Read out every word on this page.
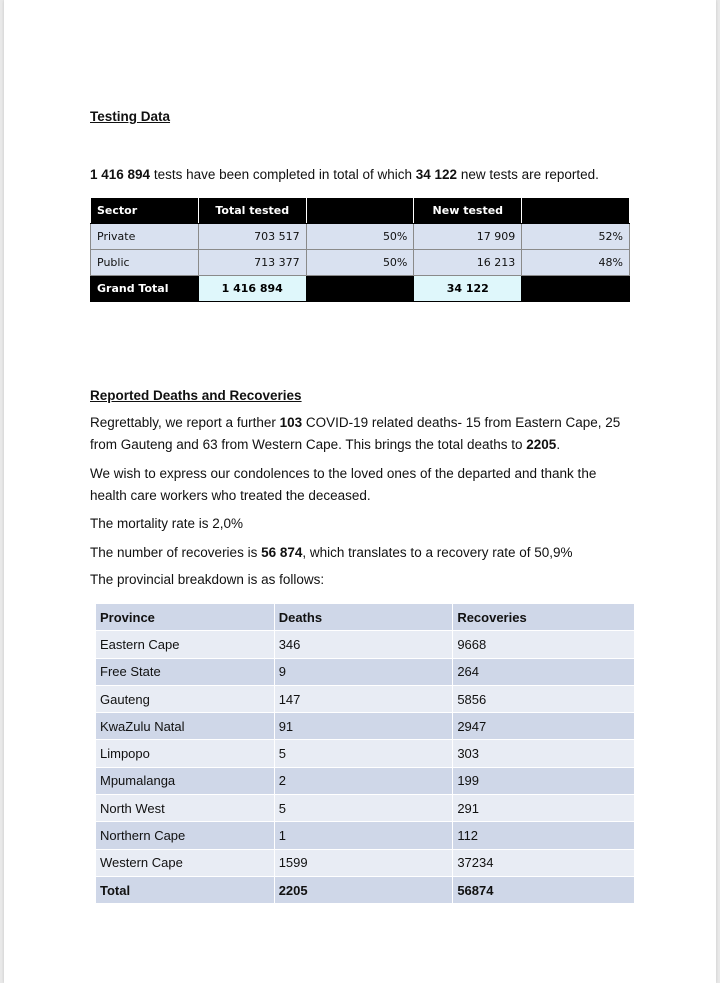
Testing Data
1 416 894 tests have been completed in total of which 34 122 new tests are reported.
Sector	Total tested		New tested	
Private	703 517	50%	17 909	52%
Public	713 377	50%	16 213	48%
Grand Total	1 416 894		34 122	
Reported Deaths and Recoveries
Regrettably, we report a further 103 COVID-19 related deaths- 15 from Eastern Cape, 25 from Gauteng and 63 from Western Cape. This brings the total deaths to 2205.
We wish to express our condolences to the loved ones of the departed and thank the health care workers who treated the deceased.
The mortality rate is 2,0%
The number of recoveries is 56 874, which translates to a recovery rate of 50,9%
The provincial breakdown is as follows:
Province	Deaths	Recoveries
Eastern Cape	346	9668
Free State	9	264
Gauteng	147	5856
KwaZulu Natal	91	2947
Limpopo	5	303
Mpumalanga	2	199
North West	5	291
Northern Cape	1	112
Western Cape	1599	37234
Total	2205	56874
